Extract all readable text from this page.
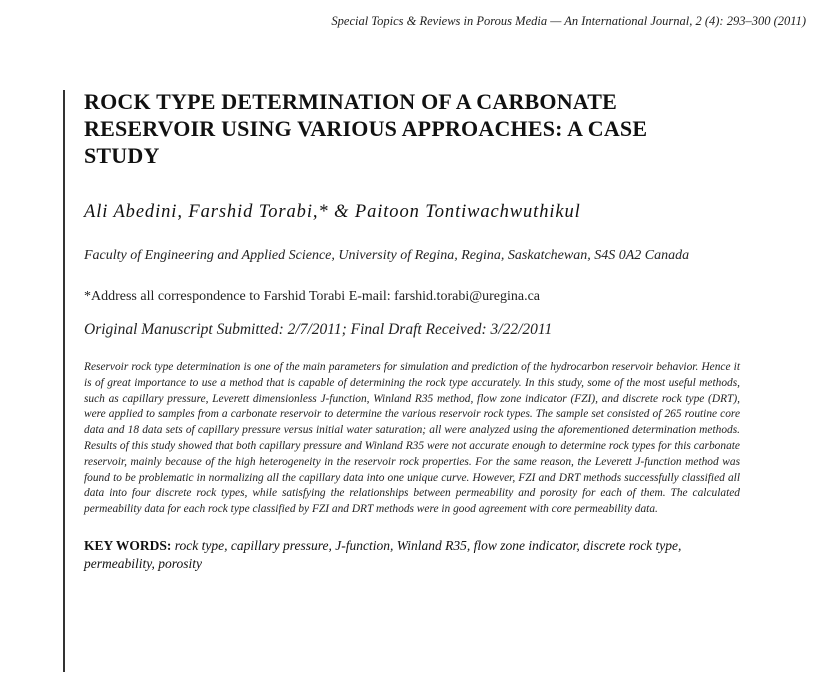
Special Topics & Reviews in Porous Media — An International Journal, 2 (4): 293–300 (2011)
ROCK TYPE DETERMINATION OF A CARBONATE RESERVOIR USING VARIOUS APPROACHES: A CASE STUDY
Ali Abedini, Farshid Torabi,* & Paitoon Tontiwachwuthikul
Faculty of Engineering and Applied Science, University of Regina, Regina, Saskatchewan, S4S 0A2 Canada
*Address all correspondence to Farshid Torabi E-mail: farshid.torabi@uregina.ca
Original Manuscript Submitted: 2/7/2011; Final Draft Received: 3/22/2011

Reservoir rock type determination is one of the main parameters for simulation and prediction of the hydrocarbon reservoir behavior. Hence it is of great importance to use a method that is capable of determining the rock type accurately. In this study, some of the most useful methods, such as capillary pressure, Leverett dimensionless J-function, Winland R35 method, flow zone indicator (FZI), and discrete rock type (DRT), were applied to samples from a carbonate reservoir to determine the various reservoir rock types. The sample set consisted of 265 routine core data and 18 data sets of capillary pressure versus initial water saturation; all were analyzed using the aforementioned determination methods. Results of this study showed that both capillary pressure and Winland R35 were not accurate enough to determine rock types for this carbonate reservoir, mainly because of the high heterogeneity in the reservoir rock properties. For the same reason, the Leverett J-function method was found to be problematic in normalizing all the capillary data into one unique curve. However, FZI and DRT methods successfully classified all data into four discrete rock types, while satisfying the relationships between permeability and porosity for each of them. The calculated permeability data for each rock type classified by FZI and DRT methods were in good agreement with core permeability data.

KEY WORDS: rock type, capillary pressure, J-function, Winland R35, flow zone indicator, discrete rock type, permeability, porosity
